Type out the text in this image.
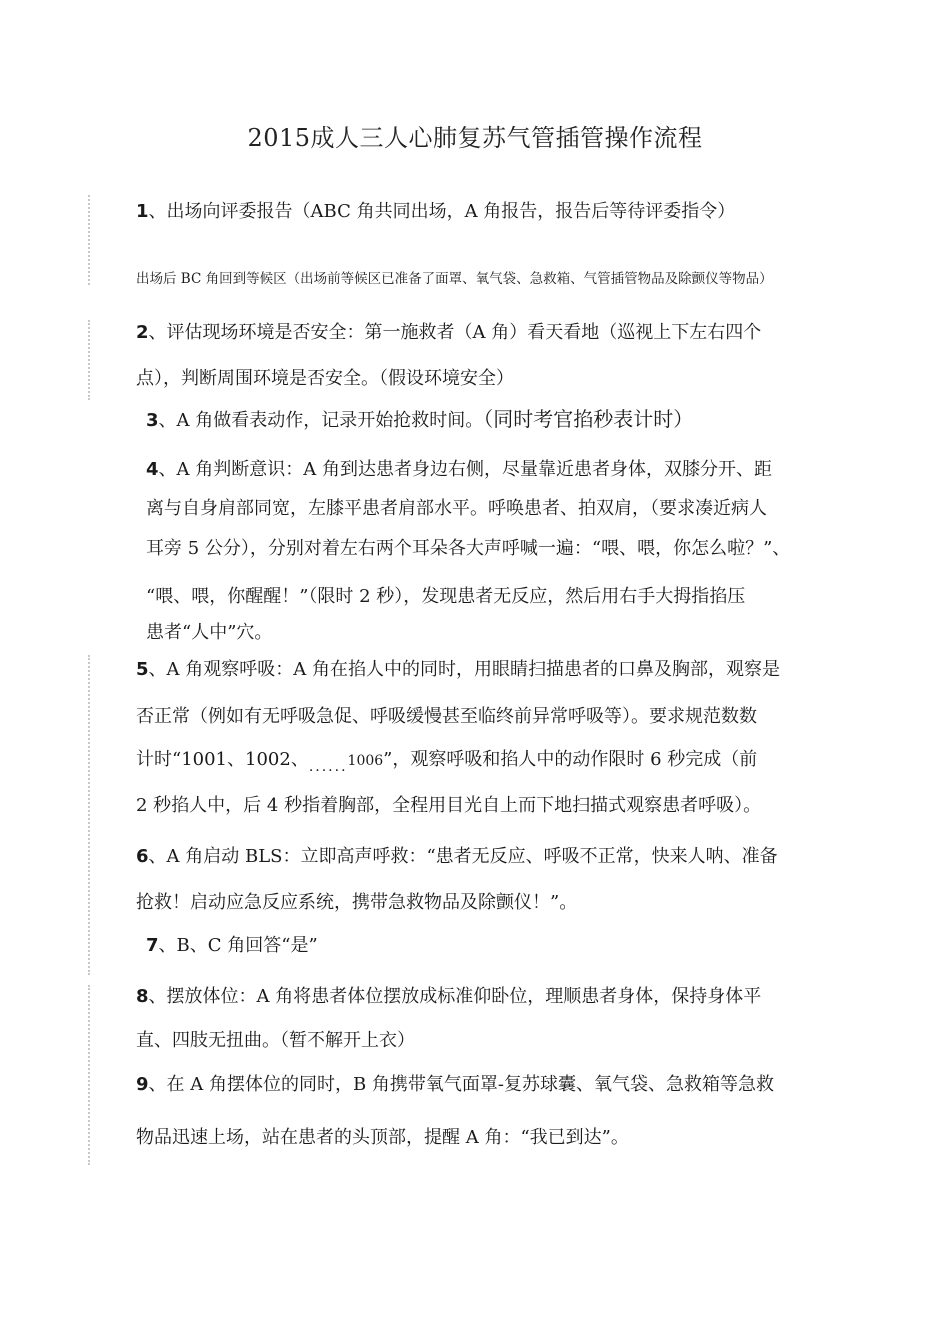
2015成人三人心肺复苏气管插管操作流程
1、出场向评委报告（ABC 角共同出场，A 角报告，报告后等待评委指令）
出场后 BC 角回到等候区（出场前等候区已准备了面罩、氧气袋、急救箱、气管插管物品及除颤仪等物品）
2、评估现场环境是否安全：第一施救者（A 角）看天看地（巡视上下左右四个
点），判断周围环境是否安全。（假设环境安全）
3、A 角做看表动作，记录开始抢救时间。（同时考官掐秒表计时）
4、A 角判断意识：A 角到达患者身边右侧，尽量靠近患者身体，双膝分开、距
离与自身肩部同宽，左膝平患者肩部水平。呼唤患者、拍双肩，（要求凑近病人
耳旁 5 公分），分别对着左右两个耳朵各大声呼喊一遍：“喂、喂，你怎么啦？”、
“喂、喂，你醒醒！”（限时 2 秒），发现患者无反应，然后用右手大拇指掐压
患者“人中”穴。
5、A 角观察呼吸：A 角在掐人中的同时，用眼睛扫描患者的口鼻及胸部，观察是
否正常（例如有无呼吸急促、呼吸缓慢甚至临终前异常呼吸等）。要求规范数数
计时“1001、1002、$_{......}$1006”，观察呼吸和掐人中的动作限时 6 秒完成（前
2 秒掐人中，后 4 秒指着胸部，全程用目光自上而下地扫描式观察患者呼吸）。
6、A 角启动 BLS：立即高声呼救：“患者无反应、呼吸不正常，快来人呐、准备
抢救！启动应急反应系统，携带急救物品及除颤仪！”。
7、B、C 角回答“是”
8、摆放体位：A 角将患者体位摆放成标准仰卧位，理顺患者身体，保持身体平
直、四肢无扭曲。（暂不解开上衣）
9、在 A 角摆体位的同时，B 角携带氧气面罩-复苏球囊、氧气袋、急救箱等急救
物品迅速上场，站在患者的头顶部，提醒 A 角：“我已到达”。
